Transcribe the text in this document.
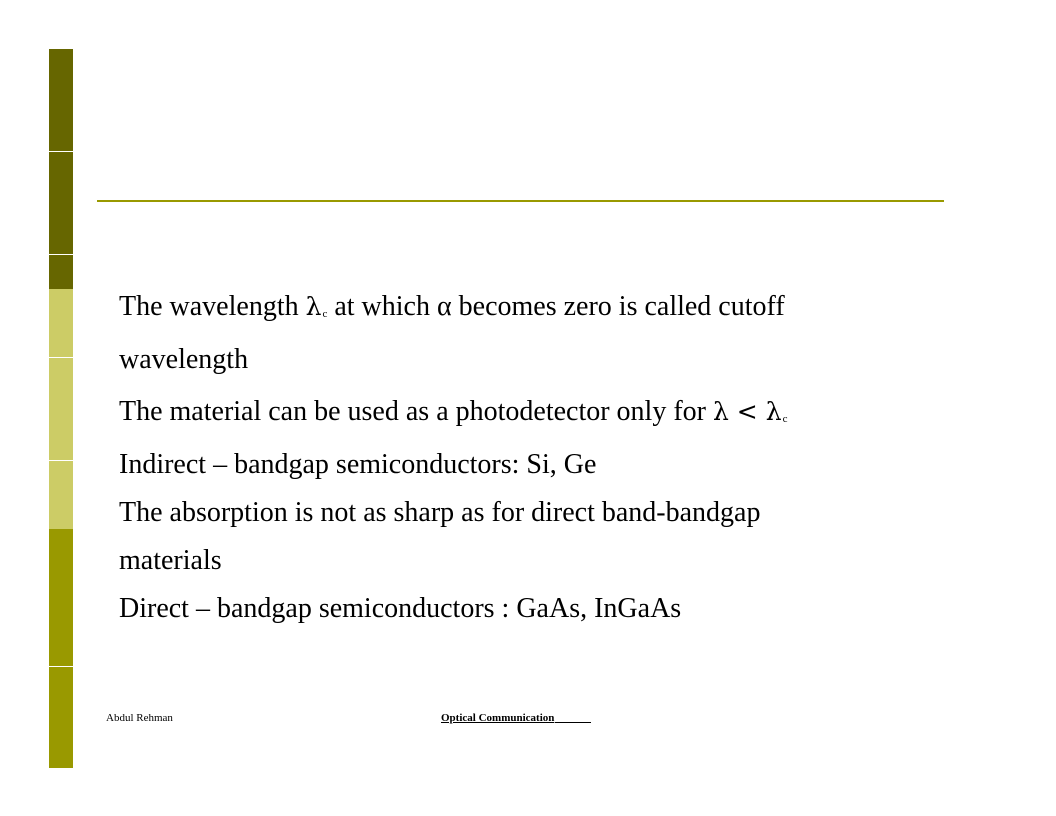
The wavelength λc at which α becomes zero is called cutoff
wavelength
The material can be used as a photodetector only for λ < λc
Indirect – bandgap semiconductors: Si, Ge
The absorption is not as sharp as for direct band-bandgap
materials
Direct – bandgap semiconductors : GaAs, InGaAs
Abdul Rehman	Optical Communication
